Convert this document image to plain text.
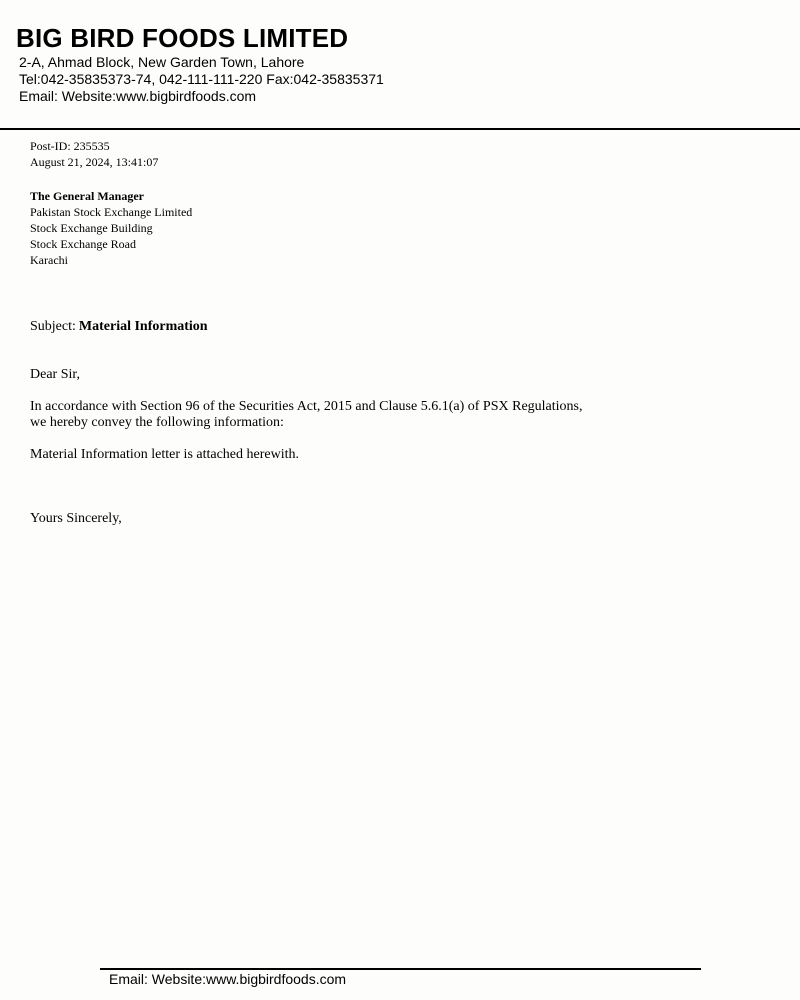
BIG BIRD FOODS LIMITED
2-A, Ahmad Block, New Garden Town, Lahore
Tel:042-35835373-74, 042-111-111-220 Fax:042-35835371
Email: Website:www.bigbirdfoods.com
Post-ID: 235535
August 21, 2024, 13:41:07
The General Manager
Pakistan Stock Exchange Limited
Stock Exchange Building
Stock Exchange Road
Karachi
Subject: Material Information
Dear Sir,
In accordance with Section 96 of the Securities Act, 2015 and Clause 5.6.1(a) of PSX Regulations,
we hereby convey the following information:
Material Information letter is attached herewith.
Yours Sincerely,
Email: Website:www.bigbirdfoods.com
